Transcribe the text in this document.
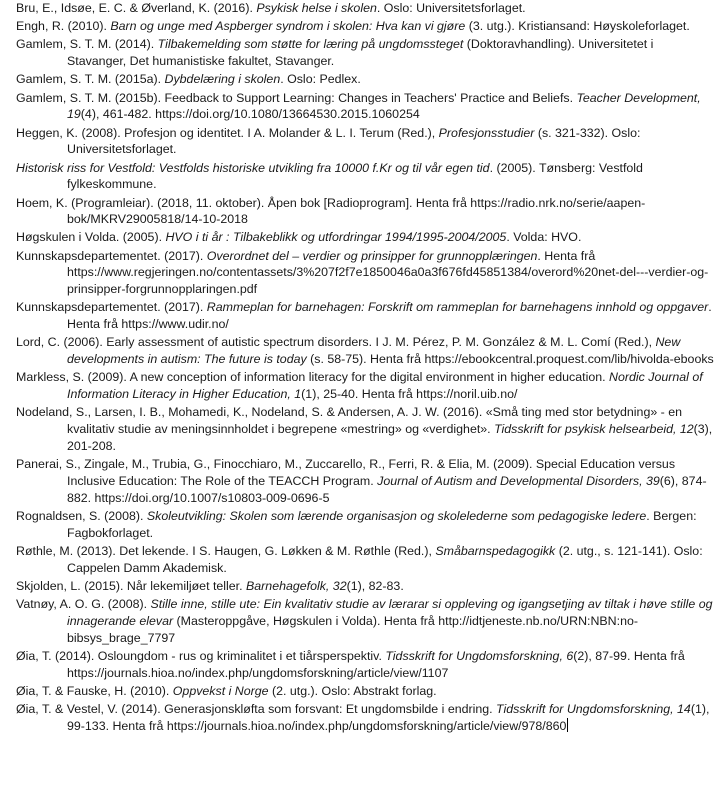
Bru, E., Idsøe, E. C. & Øverland, K. (2016). Psykisk helse i skolen. Oslo: Universitetsforlaget.
Engh, R. (2010). Barn og unge med Aspberger syndrom i skolen: Hva kan vi gjøre (3. utg.). Kristiansand: Høyskoleforlaget.
Gamlem, S. T. M. (2014). Tilbakemelding som støtte for læring på ungdomssteget (Doktoravhandling). Universitetet i Stavanger, Det humanistiske fakultet, Stavanger.
Gamlem, S. T. M. (2015a). Dybdelæring i skolen. Oslo: Pedlex.
Gamlem, S. T. M. (2015b). Feedback to Support Learning: Changes in Teachers' Practice and Beliefs. Teacher Development, 19(4), 461-482. https://doi.org/10.1080/13664530.2015.1060254
Heggen, K. (2008). Profesjon og identitet. I A. Molander & L. I. Terum (Red.), Profesjonsstudier (s. 321-332). Oslo: Universitetsforlaget.
Historisk riss for Vestfold: Vestfolds historiske utvikling fra 10000 f.Kr og til vår egen tid. (2005). Tønsberg: Vestfold fylkeskommune.
Hoem, K. (Programleiar). (2018, 11. oktober). Åpen bok [Radioprogram]. Henta frå https://radio.nrk.no/serie/aapen-bok/MKRV29005818/14-10-2018
Høgskulen i Volda. (2005). HVO i ti år : Tilbakeblikk og utfordringar 1994/1995-2004/2005. Volda: HVO.
Kunnskapsdepartementet. (2017). Overordnet del – verdier og prinsipper for grunnopplæringen. Henta frå https://www.regjeringen.no/contentassets/3%207f2f7e1850046a0a3f676fd45851384/overord%20net-del---verdier-og-prinsipper-forgrunnopplaringen.pdf
Kunnskapsdepartementet. (2017). Rammeplan for barnehagen: Forskrift om rammeplan for barnehagens innhold og oppgaver. Henta frå https://www.udir.no/
Lord, C. (2006). Early assessment of autistic spectrum disorders. I J. M. Pérez, P. M. González & M. L. Comí (Red.), New developments in autism: The future is today (s. 58-75). Henta frå https://ebookcentral.proquest.com/lib/hivolda-ebooks
Markless, S. (2009). A new conception of information literacy for the digital environment in higher education. Nordic Journal of Information Literacy in Higher Education, 1(1), 25-40. Henta frå https://noril.uib.no/
Nodeland, S., Larsen, I. B., Mohamedi, K., Nodeland, S. & Andersen, A. J. W. (2016). «Små ting med stor betydning» - en kvalitativ studie av meningsinnholdet i begrepene «mestring» og «verdighet». Tidsskrift for psykisk helsearbeid, 12(3), 201-208.
Panerai, S., Zingale, M., Trubia, G., Finocchiaro, M., Zuccarello, R., Ferri, R. & Elia, M. (2009). Special Education versus Inclusive Education: The Role of the TEACCH Program. Journal of Autism and Developmental Disorders, 39(6), 874-882. https://doi.org/10.1007/s10803-009-0696-5
Rognaldsen, S. (2008). Skoleutvikling: Skolen som lærende organisasjon og skolelederne som pedagogiske ledere. Bergen: Fagbokforlaget.
Røthle, M. (2013). Det lekende. I S. Haugen, G. Løkken & M. Røthle (Red.), Småbarnspedagogikk (2. utg., s. 121-141). Oslo: Cappelen Damm Akademisk.
Skjolden, L. (2015). Når lekemiljøet teller. Barnehagefolk, 32(1), 82-83.
Vatnøy, A. O. G. (2008). Stille inne, stille ute: Ein kvalitativ studie av lærarar si oppleving og igangsetjing av tiltak i høve stille og innagerande elevar (Masteroppgåve, Høgskulen i Volda). Henta frå http://idtjeneste.nb.no/URN:NBN:no-bibsys_brage_7797
Øia, T. (2014). Osloungdom - rus og kriminalitet i et tiårsperspektiv. Tidsskrift for Ungdomsforskning, 6(2), 87-99. Henta frå https://journals.hioa.no/index.php/ungdomsforskning/article/view/1107
Øia, T. & Fauske, H. (2010). Oppvekst i Norge (2. utg.). Oslo: Abstrakt forlag.
Øia, T. & Vestel, V. (2014). Generasjonskløfta som forsvant: Et ungdomsbilde i endring. Tidsskrift for Ungdomsforskning, 14(1), 99-133. Henta frå https://journals.hioa.no/index.php/ungdomsforskning/article/view/978/860
